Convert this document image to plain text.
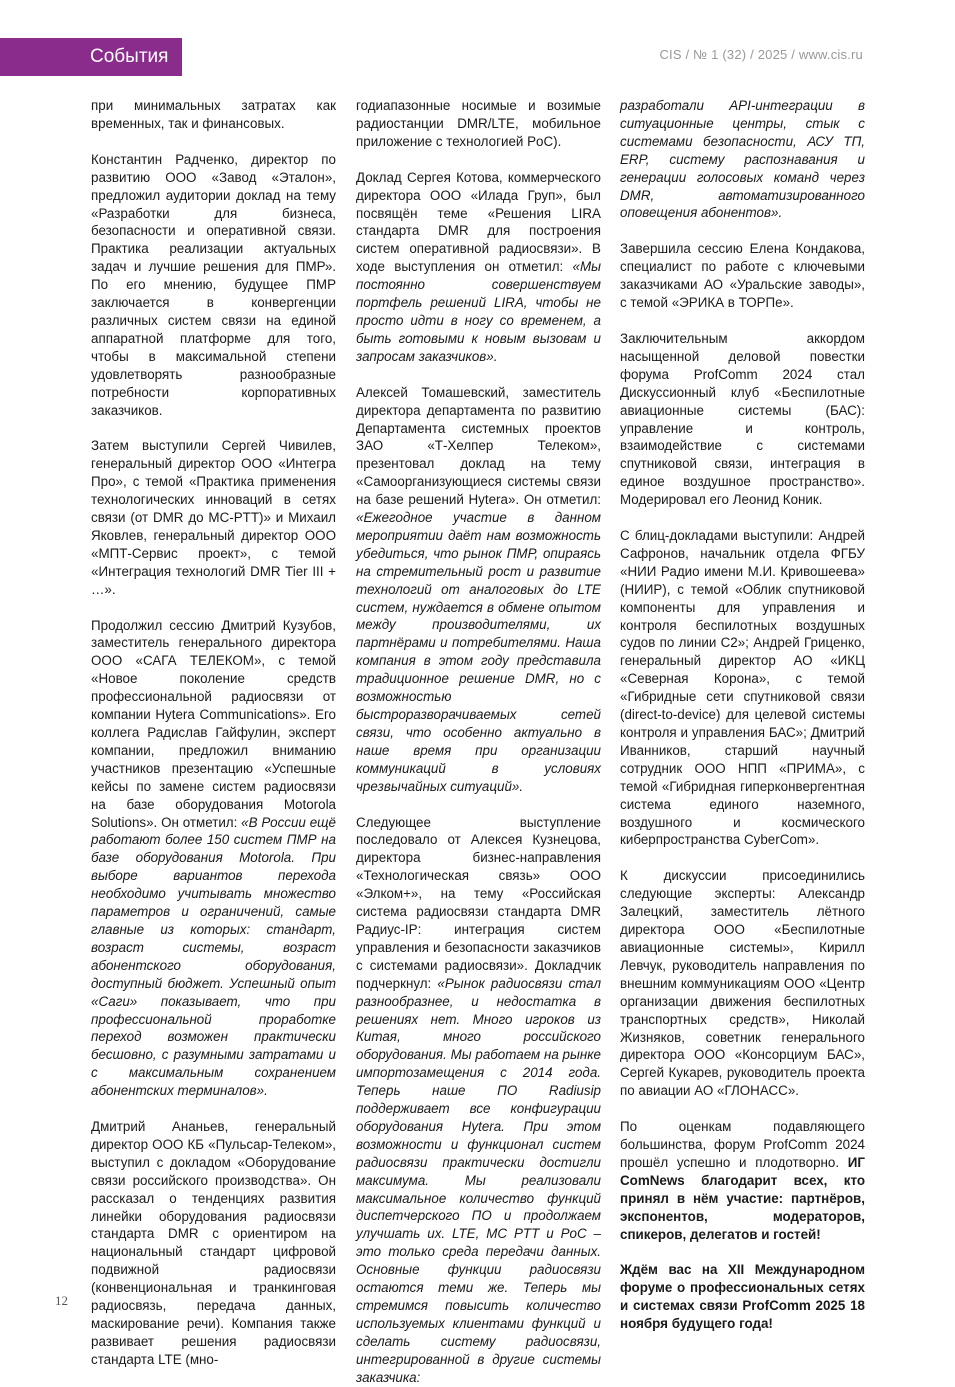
События	CIS / № 1 (32) / 2025 / www.cis.ru

при минимальных затратах как временных, так и финансовых.

Константин Радченко, директор по развитию ООО «Завод «Эталон», предложил аудитории доклад на тему «Разработки для бизнеса, безопасности и оперативной связи. Практика реализации актуальных задач и лучшие решения для ПМР». По его мнению, будущее ПМР заключается в конвергенции различных систем связи на единой аппаратной платформе для того, чтобы в максимальной степени удовлетворять разнообразные потребности корпоративных заказчиков.

Затем выступили Сергей Чивилев, генеральный директор ООО «Интегра Про», с темой «Практика применения технологических инноваций в сетях связи (от DMR до MC-PTT)» и Михаил Яковлев, генеральный директор ООО «МПТ-Сервис проект», с темой «Интеграция технологий DMR Tier III + …».

Продолжил сессию Дмитрий Кузубов, заместитель генерального директора ООО «САГА ТЕЛЕКОМ», с темой «Новое поколение средств профессиональной радиосвязи от компании Hytera Communications». Его коллега Радислав Гайфулин, эксперт компании, предложил вниманию участников презентацию «Успешные кейсы по замене систем радиосвязи на базе оборудования Motorola Solutions». Он отметил: «В России ещё работают более 150 систем ПМР на базе оборудования Motorola. При выборе вариантов перехода необходимо учитывать множество параметров и ограничений, самые главные из которых: стандарт, возраст системы, возраст абонентского оборудования, доступный бюджет. Успешный опыт «Саги» показывает, что при профессиональной проработке переход возможен практически бесшовно, с разумными затратами и с максимальным сохранением абонентских терминалов».

Дмитрий Ананьев, генеральный директор ООО КБ «Пульсар-Телеком», выступил с докладом «Оборудование связи российского производства». Он рассказал о тенденциях развития линейки оборудования радиосвязи стандарта DMR с ориентиром на национальный стандарт цифровой подвижной радиосвязи (конвенциональная и транкинговая радиосвязь, передача данных, маскирование речи). Компания также развивает решения радиосвязи стандарта LTE (мно-

годиапазонные носимые и возимые радиостанции DMR/LTE, мобильное приложение с технологией PoC).

Доклад Сергея Котова, коммерческого директора ООО «Илада Груп», был посвящён теме «Решения LIRA стандарта DMR для построения систем оперативной радиосвязи». В ходе выступления он отметил: «Мы постоянно совершенствуем портфель решений LIRA, чтобы не просто идти в ногу со временем, а быть готовыми к новым вызовам и запросам заказчиков».

Алексей Томашевский, заместитель директора департамента по развитию Департамента системных проектов ЗАО «Т-Хелпер Телеком», презентовал доклад на тему «Самоорганизующиеся системы связи на базе решений Hytera». Он отметил: «Ежегодное участие в данном мероприятии даёт нам возможность убедиться, что рынок ПМР, опираясь на стремительный рост и развитие технологий от аналоговых до LTE систем, нуждается в обмене опытом между производителями, их партнёрами и потребителями. Наша компания в этом году представила традиционное решение DMR, но с возможностью быстроразворачиваемых сетей связи, что особенно актуально в наше время при организации коммуникаций в условиях чрезвычайных ситуаций».

Следующее выступление последовало от Алексея Кузнецова, директора бизнес-направления «Технологическая связь» ООО «Элком+», на тему «Российская система радиосвязи стандарта DMR Радиус-IP: интеграция систем управления и безопасности заказчиков с системами радиосвязи». Докладчик подчеркнул: «Рынок радиосвязи стал разнообразнее, и недостатка в решениях нет. Много игроков из Китая, много российского оборудования. Мы работаем на рынке импортозамещения с 2014 года. Теперь наше ПО Radiusip поддерживает все конфигурации оборудования Hytera. При этом возможности и функционал систем радиосвязи практически достигли максимума. Мы реализовали максимальное количество функций диспетчерского ПО и продолжаем улучшать их. LTE, MC PTT и PoC – это только среда передачи данных. Основные функции радиосвязи остаются теми же. Теперь мы стремимся повысить количество используемых клиентами функций и сделать систему радиосвязи, интегрированной в другие системы заказчика:

разработали API-интеграции в ситуационные центры, стык с системами безопасности, АСУ ТП, ERP, систему распознавания и генерации голосовых команд через DMR, автоматизированного оповещения абонентов».

Завершила сессию Елена Кондакова, специалист по работе с ключевыми заказчиками АО «Уральские заводы», с темой «ЭРИКА в ТОРПе».

Заключительным аккордом насыщенной деловой повестки форума ProfComm 2024 стал Дискуссионный клуб «Беспилотные авиационные системы (БАС): управление и контроль, взаимодействие с системами спутниковой связи, интеграция в единое воздушное пространство». Модерировал его Леонид Коник.

С блиц-докладами выступили: Андрей Сафронов, начальник отдела ФГБУ «НИИ Радио имени М.И. Кривошеева» (НИИР), с темой «Облик спутниковой компоненты для управления и контроля беспилотных воздушных судов по линии C2»; Андрей Гриценко, генеральный директор АО «ИКЦ «Северная Корона», с темой «Гибридные сети спутниковой связи (direct-to-device) для целевой системы контроля и управления БАС»; Дмитрий Иванников, старший научный сотрудник ООО НПП «ПРИМА», с темой «Гибридная гиперконвергентная система единого наземного, воздушного и космического киберпространства CyberCom».

К дискуссии присоединились следующие эксперты: Александр Залецкий, заместитель лётного директора ООО «Беспилотные авиационные системы», Кирилл Левчук, руководитель направления по внешним коммуникациям ООО «Центр организации движения беспилотных транспортных средств», Николай Жизняков, советник генерального директора ООО «Консорциум БАС», Сергей Кукарев, руководитель проекта по авиации АО «ГЛОНАСС».

По оценкам подавляющего большинства, форум ProfComm 2024 прошёл успешно и плодотворно. ИГ ComNews благодарит всех, кто принял в нём участие: партнёров, экспонентов, модераторов, спикеров, делегатов и гостей!

Ждём вас на XII Международном форуме о профессиональных сетях и системах связи ProfComm 2025 18 ноября будущего года!

12
